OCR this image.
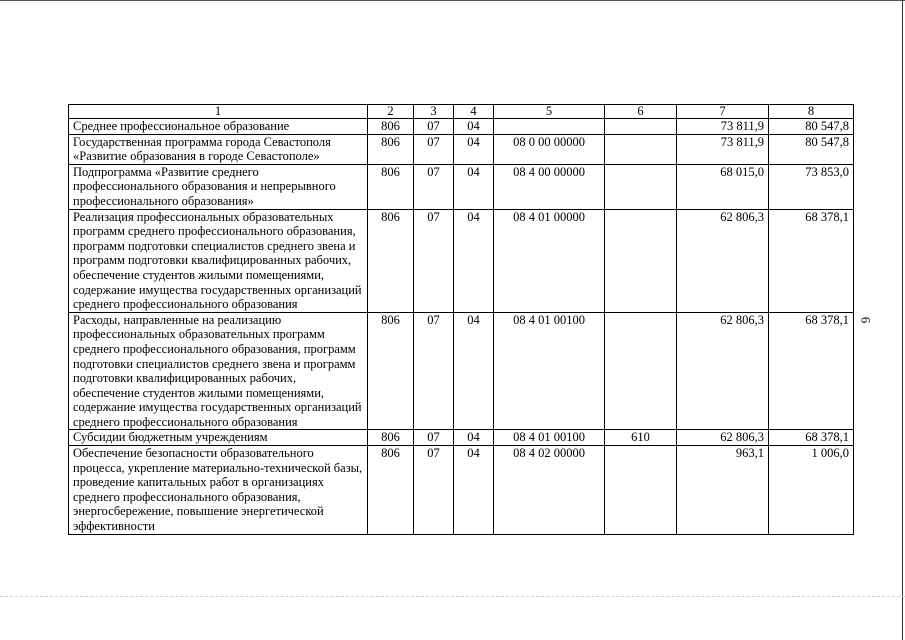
1	2	3	4	5	6	7	8
Среднее профессиональное образование	806	07	04			73 811,9	80 547,8
Государственная программа города Севастополя «Развитие образования в городе Севастополе»	806	07	04	08 0 00 00000		73 811,9	80 547,8
Подпрограмма «Развитие среднего профессионального образования и непрерывного профессионального образования»	806	07	04	08 4 00 00000		68 015,0	73 853,0
Реализация профессиональных образовательных программ среднего профессионального образования, программ подготовки специалистов среднего звена и программ подготовки квалифицированных рабочих, обеспечение студентов жилыми помещениями, содержание имущества государственных организаций среднего профессионального образования	806	07	04	08 4 01 00000		62 806,3	68 378,1
Расходы, направленные на реализацию профессиональных образовательных программ среднего профессионального образования, программ подготовки специалистов среднего звена и программ подготовки квалифицированных рабочих, обеспечение студентов жилыми помещениями, содержание имущества государственных организаций среднего профессионального образования	806	07	04	08 4 01 00100		62 806,3	68 378,1
Субсидии бюджетным учреждениям	806	07	04	08 4 01 00100	610	62 806,3	68 378,1
Обеспечение безопасности образовательного процесса, укрепление материально-технической базы, проведение капитальных работ в организациях среднего профессионального образования, энергосбережение, повышение энергетической эффективности	806	07	04	08 4 02 00000		963,1	1 006,0
6
